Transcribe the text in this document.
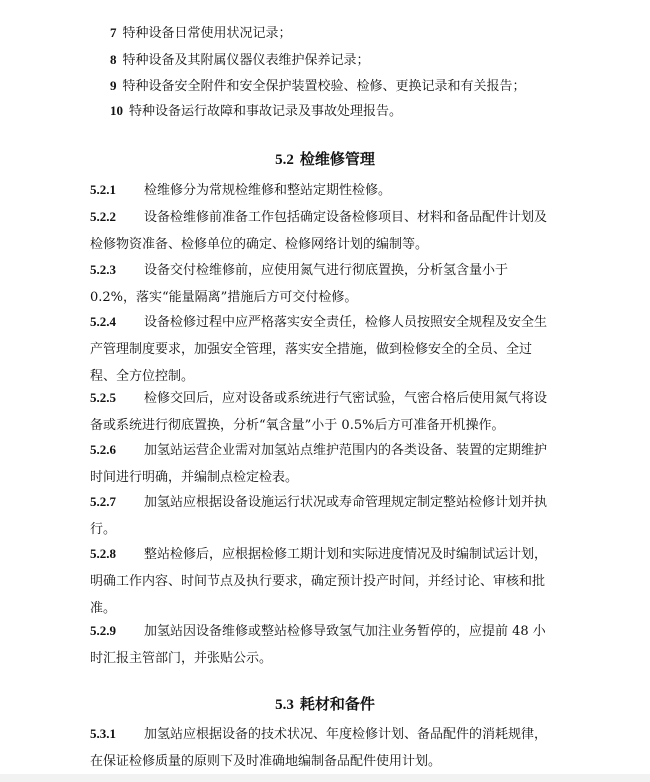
7 特种设备日常使用状况记录；
8 特种设备及其附属仪器仪表维护保养记录；
9 特种设备安全附件和安全保护装置校验、检修、更换记录和有关报告；
10 特种设备运行故障和事故记录及事故处理报告。
5.2 检维修管理
5.2.1 检维修分为常规检维修和整站定期性检修。
5.2.2 设备检维修前准备工作包括确定设备检修项目、材料和备品配件计划及检修物资准备、检修单位的确定、检修网络计划的编制等。
5.2.3 设备交付检维修前，应使用氮气进行彻底置换，分析氢含量小于 0.2%，落实“能量隔离”措施后方可交付检修。
5.2.4 设备检修过程中应严格落实安全责任，检修人员按照安全规程及安全生产管理制度要求，加强安全管理，落实安全措施，做到检修安全的全员、全过程、全方位控制。
5.2.5 检修交回后，应对设备或系统进行气密试验，气密合格后使用氮气将设备或系统进行彻底置换，分析“氧含量”小于 0.5%后方可准备开机操作。
5.2.6 加氢站运营企业需对加氢站点维护范围内的各类设备、装置的定期维护时间进行明确，并编制点检定检表。
5.2.7 加氢站应根据设备设施运行状况或寿命管理规定制定整站检修计划并执行。
5.2.8 整站检修后，应根据检修工期计划和实际进度情况及时编制试运计划，明确工作内容、时间节点及执行要求，确定预计投产时间，并经讨论、审核和批准。
5.2.9 加氢站因设备维修或整站检修导致氢气加注业务暂停的，应提前 48 小时汇报主管部门，并张贴公示。
5.3 耗材和备件
5.3.1 加氢站应根据设备的技术状况、年度检修计划、备品配件的消耗规律，在保证检修质量的原则下及时准确地编制备品配件使用计划。
